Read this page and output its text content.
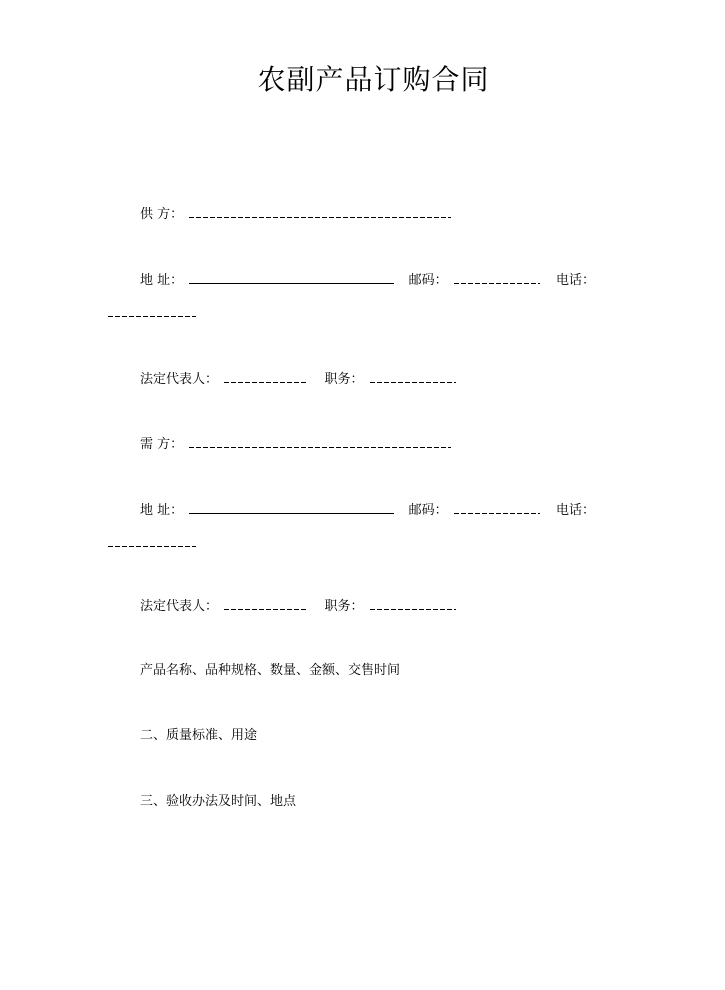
农副产品订购合同
供 方：
地 址：	邮码：	电话：
法定代表人：	职务：
需 方：
地 址：	邮码：	电话：
法定代表人：	职务：
产品名称、品种规格、数量、金额、交售时间
二、质量标准、用途
三、验收办法及时间、地点
